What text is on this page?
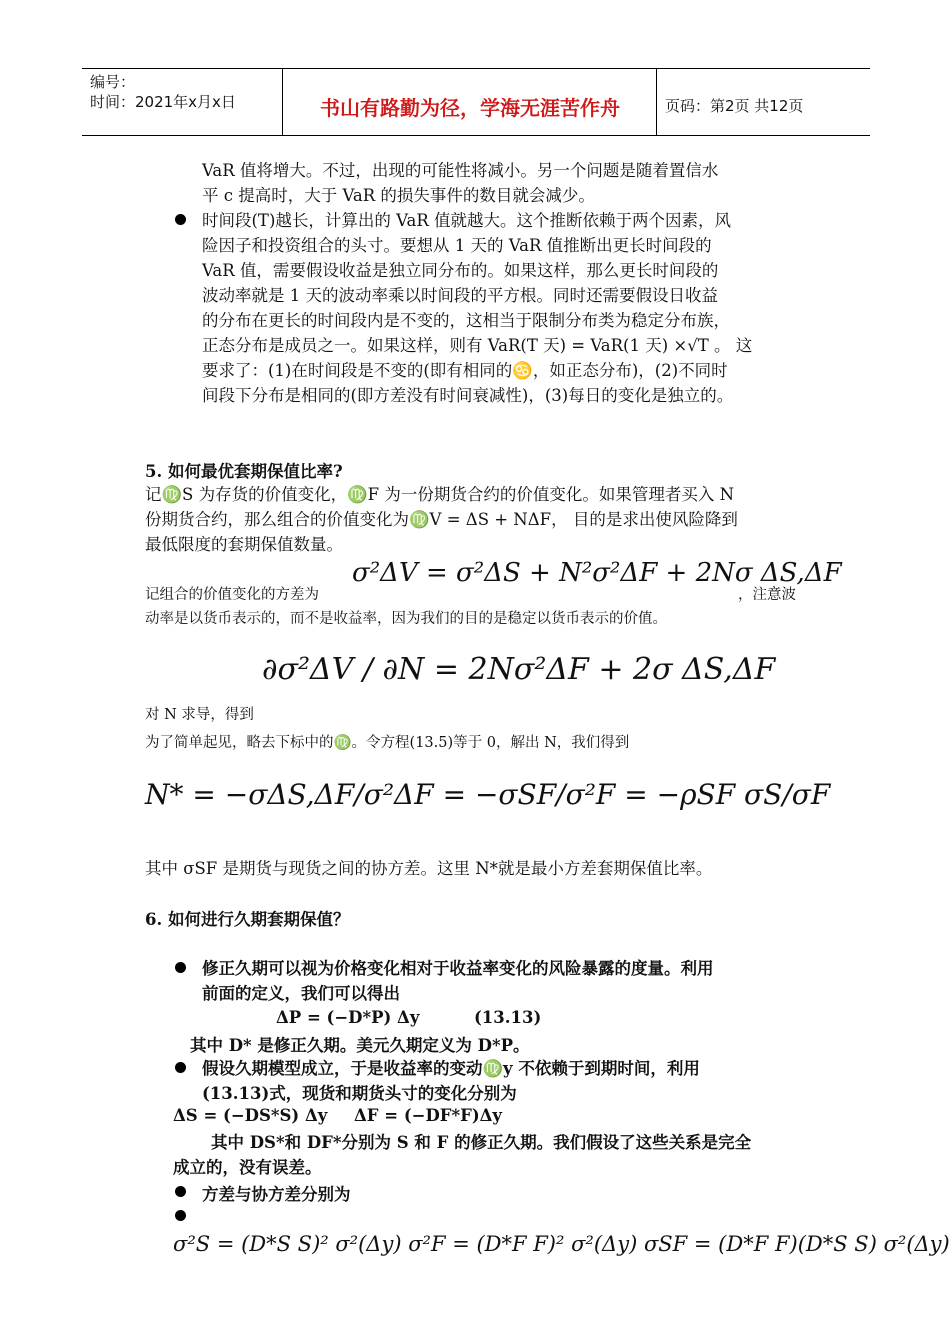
编号：
时间：2021年x月x日	书山有路勤为径，学海无涯苦作舟	页码：第2页 共12页
VaR 值将增大。不过，出现的可能性将减小。另一个问题是随着置信水
平 c 提高时，大于 VaR 的损失事件的数目就会减少。
时间段(T)越长，计算出的 VaR 值就越大。这个推断依赖于两个因素，风
险因子和投资组合的头寸。要想从 1 天的 VaR 值推断出更长时间段的
VaR 值，需要假设收益是独立同分布的。如果这样，那么更长时间段的
波动率就是 1 天的波动率乘以时间段的平方根。同时还需要假设日收益
的分布在更长的时间段内是不变的，这相当于限制分布类为稳定分布族，
正态分布是成员之一。如果这样，则有 VaR(T 天) = VaR(1 天) ×√T 。 这
要求了：(1)在时间段是不变的(即有相同的♋，如正态分布)，(2)不同时
间段下分布是相同的(即方差没有时间衰减性)，(3)每日的变化是独立的。
5. 如何最优套期保值比率?
记♍S 为存货的价值变化，♍F 为一份期货合约的价值变化。如果管理者买入 N
份期货合约，那么组合的价值变化为♍V = ΔS + NΔF， 目的是求出使风险降到
最低限度的套期保值数量。
记组合的价值变化的方差为
σ²ΔV = σ²ΔS + N²σ²ΔF + 2Nσ ΔS,ΔF
，注意波
动率是以货币表示的，而不是收益率，因为我们的目的是稳定以货币表示的价值。
∂σ²ΔV / ∂N = 2Nσ²ΔF + 2σ ΔS,ΔF
对 N 求导，得到
为了简单起见，略去下标中的♍。令方程(13.5)等于 0，解出 N，我们得到
N* = −σΔS,ΔF/σ²ΔF = −σSF/σ²F = −ρSF σS/σF
其中 σSF 是期货与现货之间的协方差。这里 N*就是最小方差套期保值比率。
6. 如何进行久期套期保值？
修正久期可以视为价格变化相对于收益率变化的风险暴露的度量。利用
前面的定义，我们可以得出
ΔP = (−D*P) Δy	(13.13)
其中 D* 是修正久期。美元久期定义为 D*P。
假设久期模型成立，于是收益率的变动♍y 不依赖于到期时间，利用
(13.13)式，现货和期货头寸的变化分别为
ΔS = (−DS*S) Δy ΔF = (−DF*F)Δy
其中 DS*和 DF*分别为 S 和 F 的修正久期。我们假设了这些关系是完全
成立的，没有误差。
方差与协方差分别为
σ²S = (D*S S)² σ²(Δy) σ²F = (D*F F)² σ²(Δy) σSF = (D*F F)(D*S S) σ²(Δy)
